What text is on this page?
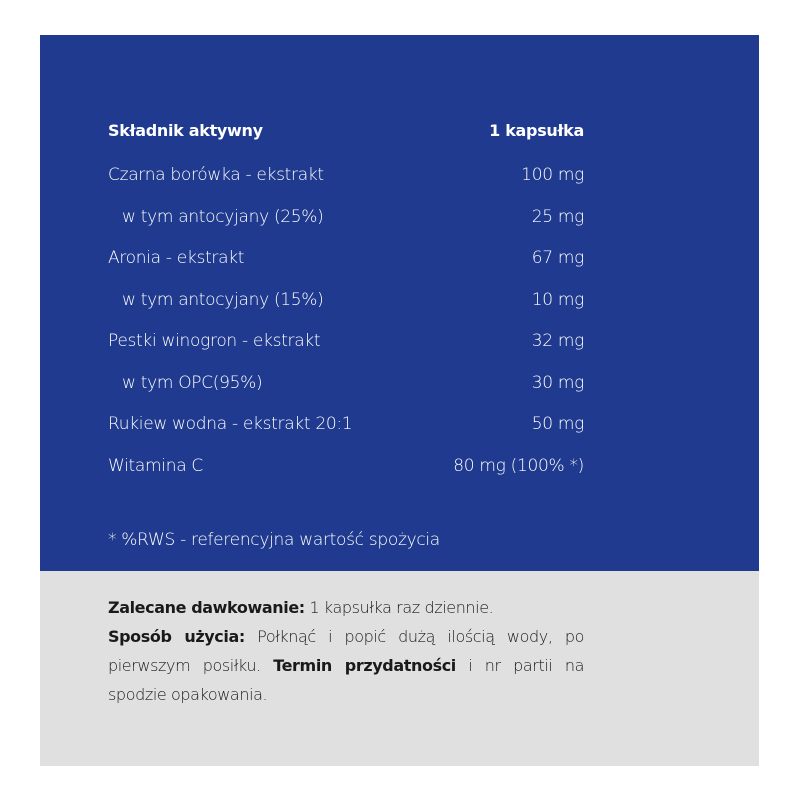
Składnik aktywny	1 kapsułka
Czarna borówka - ekstrakt	100 mg
w tym antocyjany (25%)	25 mg
Aronia - ekstrakt	67 mg
w tym antocyjany (15%)	10 mg
Pestki winogron - ekstrakt	32 mg
w tym OPC(95%)	30 mg
Rukiew wodna - ekstrakt 20:1	50 mg
Witamina C	80 mg (100% *)
* %RWS - referencyjna wartość spożycia
Zalecane dawkowanie: 1 kapsułka raz dziennie.
Sposób użycia: Połknąć i popić dużą ilością wody, po pierwszym posiłku. Termin przydatności i nr partii na spodzie opakowania.
